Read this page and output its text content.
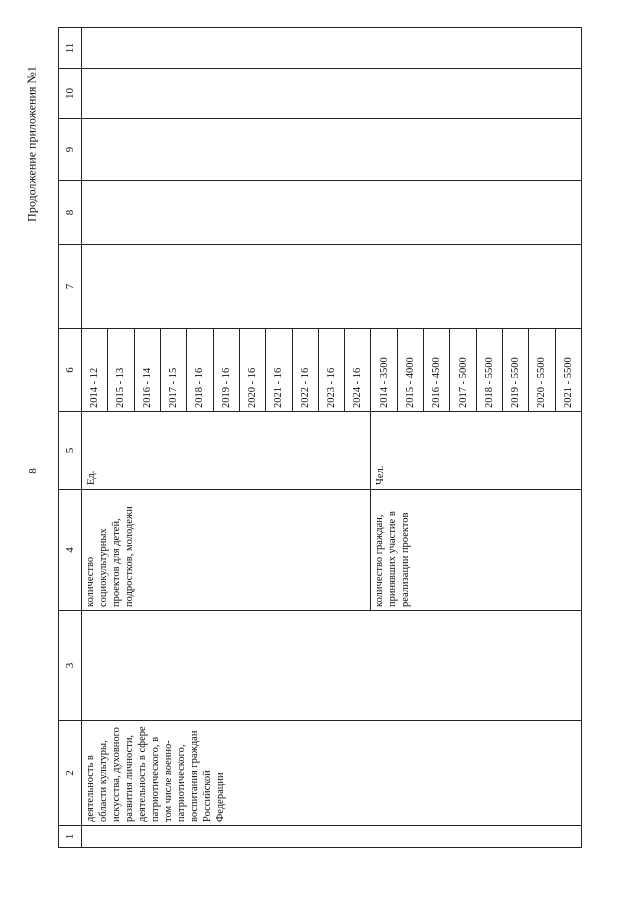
8
Продолжение приложения №1
1	2	3	4	5	6	7	8	9	10	11
	деятельность в области культуры, искусства, духовного развития личности, деятельность в сфере патриотического, в том числе военно-патриотического, воспитания граждан Российской Федерации		количество социокультурных проектов для детей, подростков, молодежи	Ед.	2014 - 12					
					2015 - 13					
					2016 - 14					
					2017 - 15					
					2018 - 16					
					2019 - 16					
					2020 - 16					
					2021 - 16					
					2022 - 16					
					2023 - 16					
					2024 - 16					
			количество граждан, принявших участие в реализации проектов	Чел.	2014 - 3500					
					2015 - 4000					
					2016 - 4500					
					2017 - 5000					
					2018 - 5500					
					2019 - 5500					
					2020 - 5500					
					2021 - 5500					
